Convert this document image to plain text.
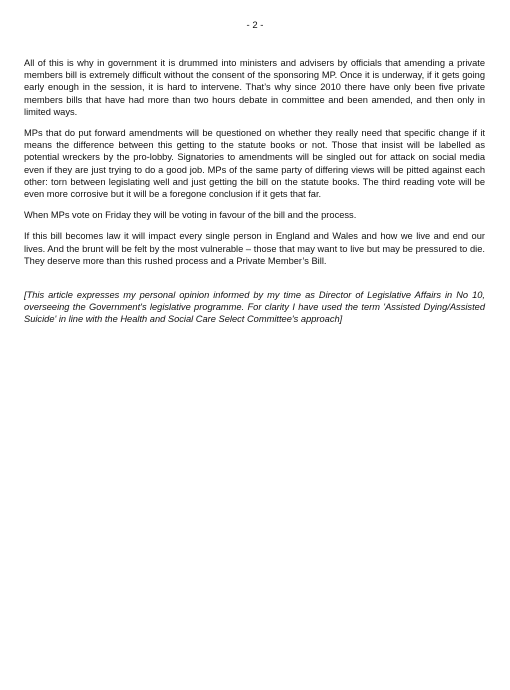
- 2 -

All of this is why in government it is drummed into ministers and advisers by officials that amending a private members bill is extremely difficult without the consent of the sponsoring MP. Once it is underway, if it gets going early enough in the session, it is hard to intervene. That’s why since 2010 there have only been five private members bills that have had more than two hours debate in committee and been amended, and then only in limited ways.

MPs that do put forward amendments will be questioned on whether they really need that specific change if it means the difference between this getting to the statute books or not. Those that insist will be labelled as potential wreckers by the pro-lobby. Signatories to amendments will be singled out for attack on social media even if they are just trying to do a good job. MPs of the same party of differing views will be pitted against each other: torn between legislating well and just getting the bill on the statute books. The third reading vote will be even more corrosive but it will be a foregone conclusion if it gets that far.

When MPs vote on Friday they will be voting in favour of the bill and the process.

If this bill becomes law it will impact every single person in England and Wales and how we live and end our lives. And the brunt will be felt by the most vulnerable – those that may want to live but may be pressured to die. They deserve more than this rushed process and a Private Member’s Bill.

[This article expresses my personal opinion informed by my time as Director of Legislative Affairs in No 10, overseeing the Government's legislative programme. For clarity I have used the term 'Assisted Dying/Assisted Suicide' in line with the Health and Social Care Select Committee's approach]
